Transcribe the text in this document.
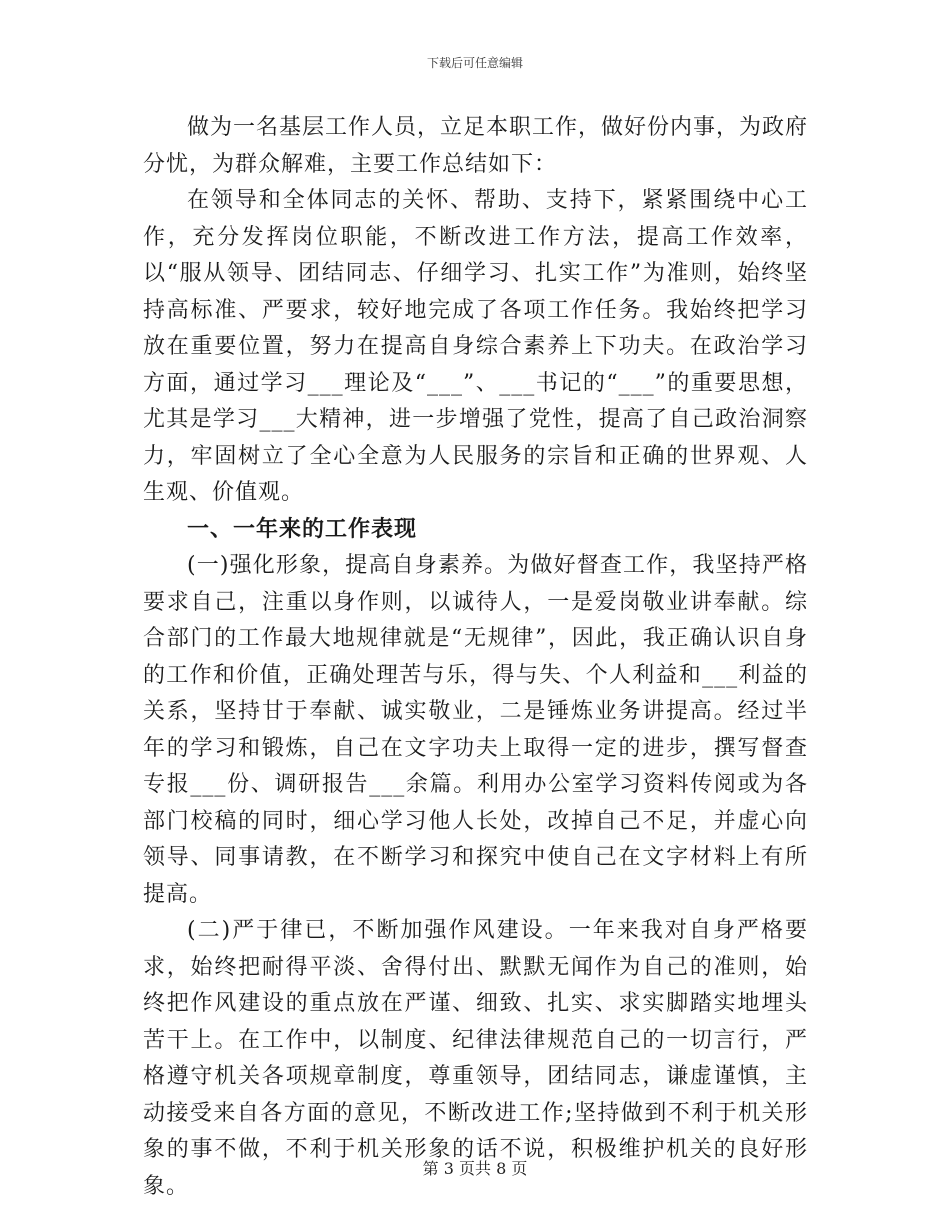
下载后可任意编辑

做为一名基层工作人员，立足本职工作，做好份内事，为政府分忧，为群众解难，主要工作总结如下：

在领导和全体同志的关怀、帮助、支持下，紧紧围绕中心工作，充分发挥岗位职能，不断改进工作方法，提高工作效率，以“服从领导、团结同志、仔细学习、扎实工作”为准则，始终坚持高标准、严要求，较好地完成了各项工作任务。我始终把学习放在重要位置，努力在提高自身综合素养上下功夫。在政治学习方面，通过学习___理论及“___”、___书记的“___”的重要思想，尤其是学习___大精神，进一步增强了党性，提高了自己政治洞察力，牢固树立了全心全意为人民服务的宗旨和正确的世界观、人生观、价值观。

一、一年来的工作表现

(一)强化形象，提高自身素养。为做好督查工作，我坚持严格要求自己，注重以身作则，以诚待人，一是爱岗敬业讲奉献。综合部门的工作最大地规律就是“无规律”，因此，我正确认识自身的工作和价值，正确处理苦与乐，得与失、个人利益和___利益的关系，坚持甘于奉献、诚实敬业，二是锤炼业务讲提高。经过半年的学习和锻炼，自己在文字功夫上取得一定的进步，撰写督查专报___份、调研报告___余篇。利用办公室学习资料传阅或为各部门校稿的同时，细心学习他人长处，改掉自己不足，并虚心向领导、同事请教，在不断学习和探究中使自己在文字材料上有所提高。

(二)严于律已，不断加强作风建设。一年来我对自身严格要求，始终把耐得平淡、舍得付出、默默无闻作为自己的准则，始终把作风建设的重点放在严谨、细致、扎实、求实脚踏实地埋头苦干上。在工作中，以制度、纪律法律规范自己的一切言行，严格遵守机关各项规章制度，尊重领导，团结同志，谦虚谨慎，主动接受来自各方面的意见，不断改进工作;坚持做到不利于机关形象的事不做，不利于机关形象的话不说，积极维护机关的良好形象。

第 3 页共 8 页
